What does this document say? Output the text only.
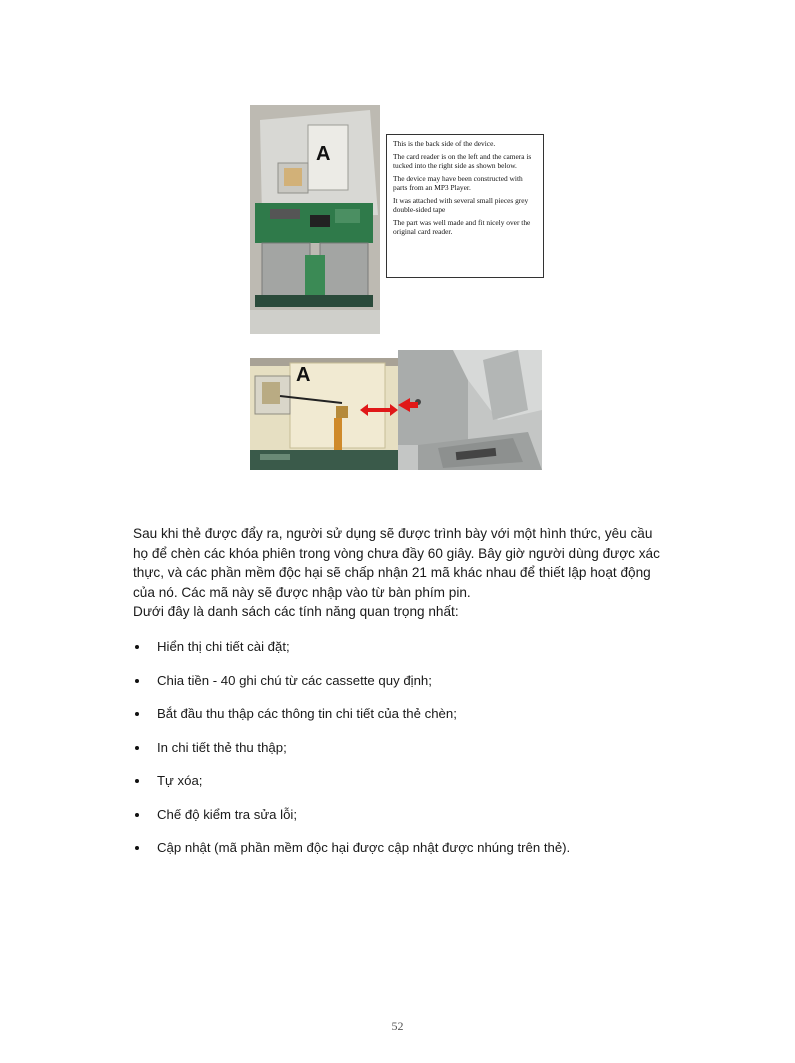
A	This is the back side of the device.

The card reader is on the left and the camera is tucked into the right side as shown below.

The device may have been constructed with parts from an MP3 Player.

It was attached with several small pieces grey double-sided tape

The part was well made and fit nicely over the original card reader.

A

Sau khi thẻ được đẩy ra, người sử dụng sẽ được trình bày với một hình thức, yêu cầu họ để chèn các khóa phiên trong vòng chưa đầy 60 giây. Bây giờ người dùng được xác thực, và các phần mềm độc hại sẽ chấp nhận 21 mã khác nhau để thiết lập hoạt động của nó. Các mã này sẽ được nhập vào từ bàn phím pin.

Dưới đây là danh sách các tính năng quan trọng nhất:

Hiển thị chi tiết cài đặt;
Chia tiền - 40 ghi chú từ các cassette quy định;
Bắt đầu thu thập các thông tin chi tiết của thẻ chèn;
In chi tiết thẻ thu thập;
Tự xóa;
Chế độ kiểm tra sửa lỗi;
Cập nhật (mã phần mềm độc hại được cập nhật được nhúng trên thẻ).
52
